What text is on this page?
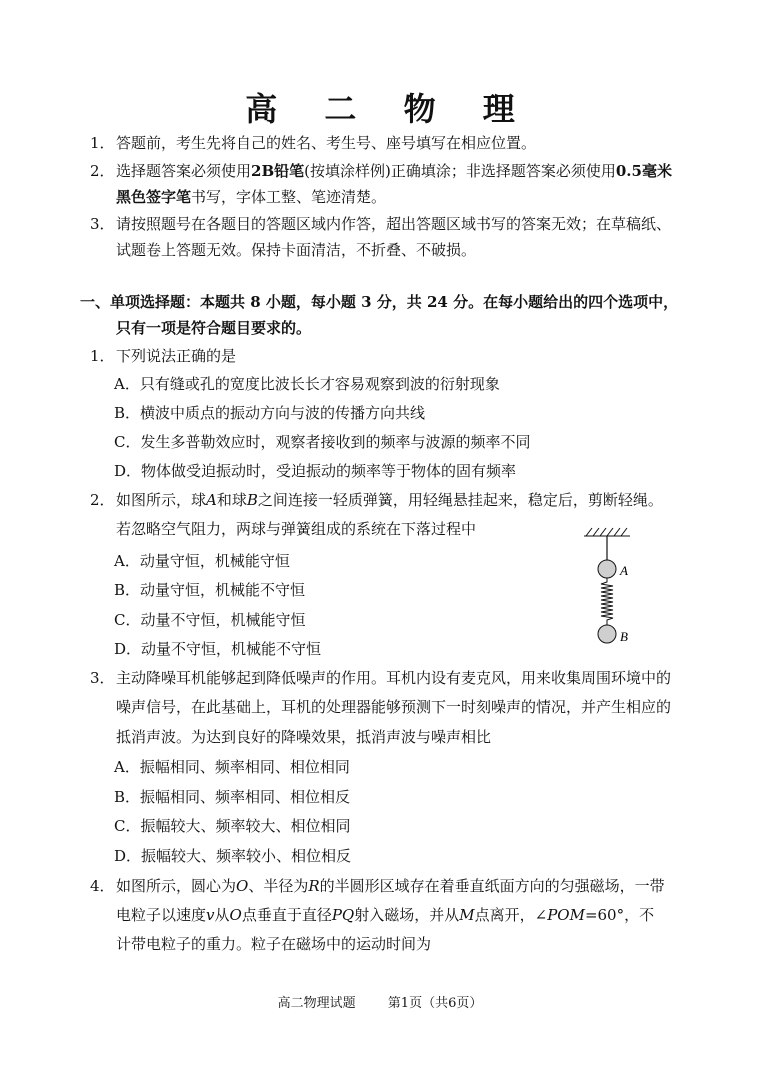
高 二 物 理
1．答题前，考生先将自己的姓名、考生号、座号填写在相应位置。
2．选择题答案必须使用2B铅笔(按填涂样例)正确填涂；非选择题答案必须使用0.5毫米
黑色签字笔书写，字体工整、笔迹清楚。
3．请按照题号在各题目的答题区域内作答，超出答题区域书写的答案无效；在草稿纸、
试题卷上答题无效。保持卡面清洁，不折叠、不破损。
一、单项选择题：本题共 8 小题，每小题 3 分，共 24 分。在每小题给出的四个选项中，
只有一项是符合题目要求的。
1．下列说法正确的是
A．只有缝或孔的宽度比波长长才容易观察到波的衍射现象
B．横波中质点的振动方向与波的传播方向共线
C．发生多普勒效应时，观察者接收到的频率与波源的频率不同
D．物体做受迫振动时，受迫振动的频率等于物体的固有频率
2．如图所示，球A和球B之间连接一轻质弹簧，用轻绳悬挂起来，稳定后，剪断轻绳。
若忽略空气阻力，两球与弹簧组成的系统在下落过程中
A．动量守恒，机械能守恒
B．动量守恒，机械能不守恒
C．动量不守恒，机械能守恒
D．动量不守恒，机械能不守恒
A
B
3．主动降噪耳机能够起到降低噪声的作用。耳机内设有麦克风，用来收集周围环境中的
噪声信号，在此基础上，耳机的处理器能够预测下一时刻噪声的情况，并产生相应的
抵消声波。为达到良好的降噪效果，抵消声波与噪声相比
A．振幅相同、频率相同、相位相同
B．振幅相同、频率相同、相位相反
C．振幅较大、频率较大、相位相同
D．振幅较大、频率较小、相位相反
4．如图所示，圆心为O、半径为R的半圆形区域存在着垂直纸面方向的匀强磁场，一带
电粒子以速度v从O点垂直于直径PQ射入磁场，并从M点离开，∠POM=60°，不
计带电粒子的重力。粒子在磁场中的运动时间为
高二物理试题 第1页（共6页）
